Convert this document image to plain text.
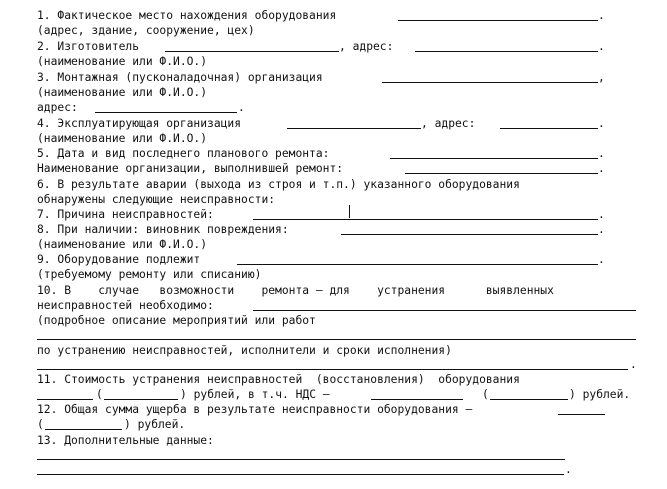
1. Фактическое место нахождения оборудования	.
(адрес, здание, сооружение, цех)
2. Изготовитель	, адрес:	.
(наименование или Ф.И.О.)
3. Монтажная (пусконаладочная) организация	,
(наименование или Ф.И.О.)
адрес:	.
4. Эксплуатирующая организация	, адрес:	.
(наименование или Ф.И.О.)
5. Дата и вид последнего планового ремонта:	.
Наименование организации, выполнившей ремонт:	.
6. В результате аварии (выхода из строя и т.п.) указанного оборудования
обнаружены следующие неисправности:
7. Причина неисправностей:	.
8. При наличии: виновник повреждения:	.
(наименование или Ф.И.О.)
9. Оборудование подлежит	.
(требуемому ремонту или списанию)
10. В    случае   возможности    ремонта – для    устранения      выявленных
неисправностей необходимо:
(подробное описание мероприятий или работ
по устранению неисправностей, исполнители и сроки исполнения)
.
11. Стоимость устранения неисправностей  (восстановления)  оборудования
(	) рублей, в т.ч. НДС –	(	) рублей.
12. Общая сумма ущерба в результате неисправности оборудования –
(	) рублей.
13. Дополнительные данные:
.
